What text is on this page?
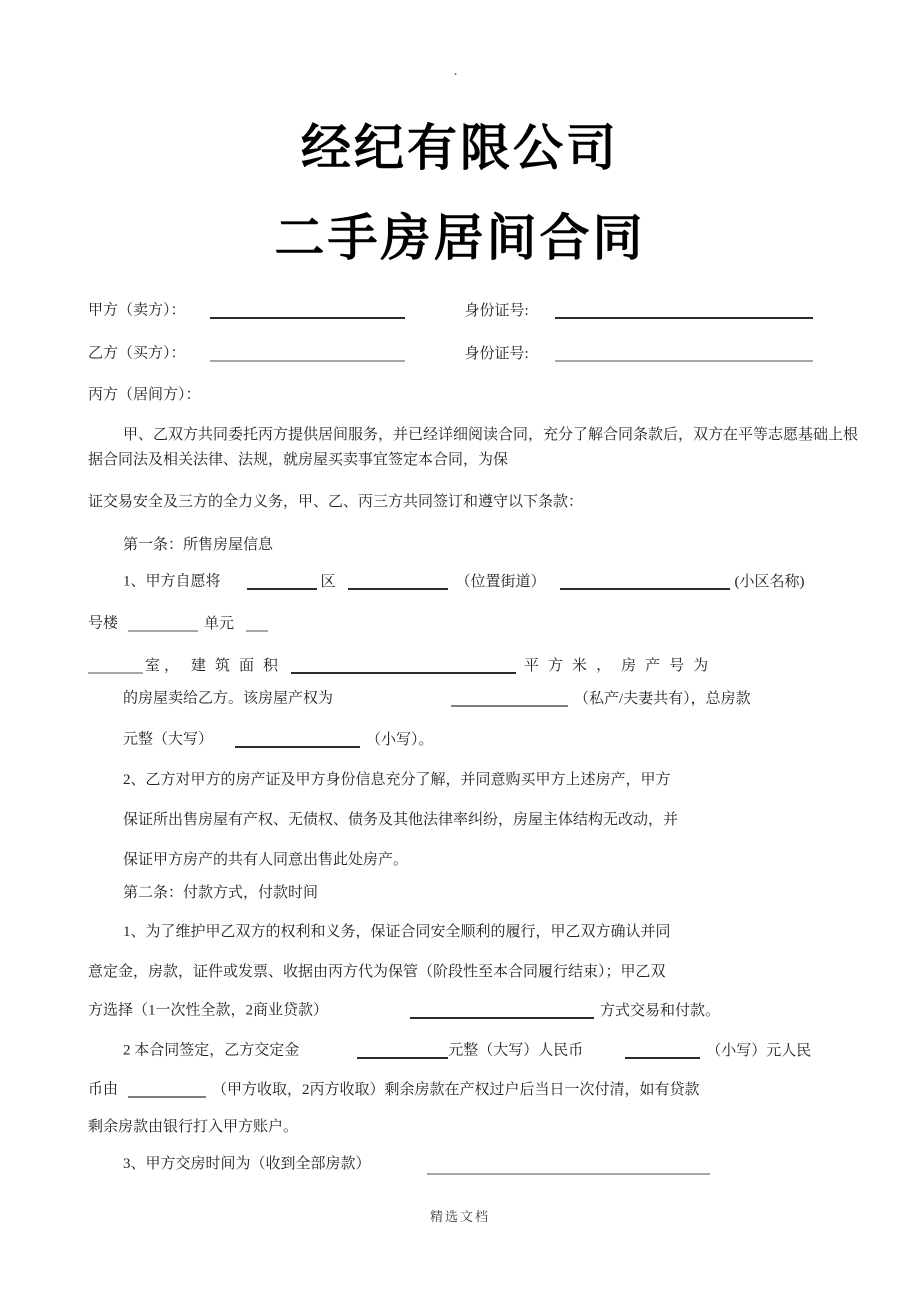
.
经纪有限公司
二手房居间合同
甲方（卖方）：	身份证号:
乙方（买方）：	身份证号:
丙方（居间方）：
甲、乙双方共同委托丙方提供居间服务，并已经详细阅读合同，充分了解合同条款后，双方在平等志愿基础上根
据合同法及相关法律、法规，就房屋买卖事宜签定本合同，为保
证交易安全及三方的全力义务，甲、乙、丙三方共同签订和遵守以下条款：
第一条：所售房屋信息
1、甲方自愿将	区	（位置街道）	(小区名称)
号楼	单元
室 ， 建筑面积	平方米， 房产号为
的房屋卖给乙方。该房屋产权为	（私产/夫妻共有），总房款
元整（大写）	（小写）。
2、乙方对甲方的房产证及甲方身份信息充分了解，并同意购买甲方上述房产，甲方
保证所出售房屋有产权、无债权、债务及其他法律率纠纷，房屋主体结构无改动，并
保证甲方房产的共有人同意出售此处房产。
第二条：付款方式，付款时间
1、为了维护甲乙双方的权利和义务，保证合同安全顺利的履行，甲乙双方确认并同
意定金，房款，证件或发票、收据由丙方代为保管（阶段性至本合同履行结束）；甲乙双
方选择（1一次性全款，2商业贷款）	方式交易和付款。
2 本合同签定，乙方交定金	元整（大写）人民币	（小写）元人民
币由	（甲方收取，2丙方收取）剩余房款在产权过户后当日一次付清，如有贷款
剩余房款由银行打入甲方账户。
3、甲方交房时间为（收到全部房款）
精选文档
